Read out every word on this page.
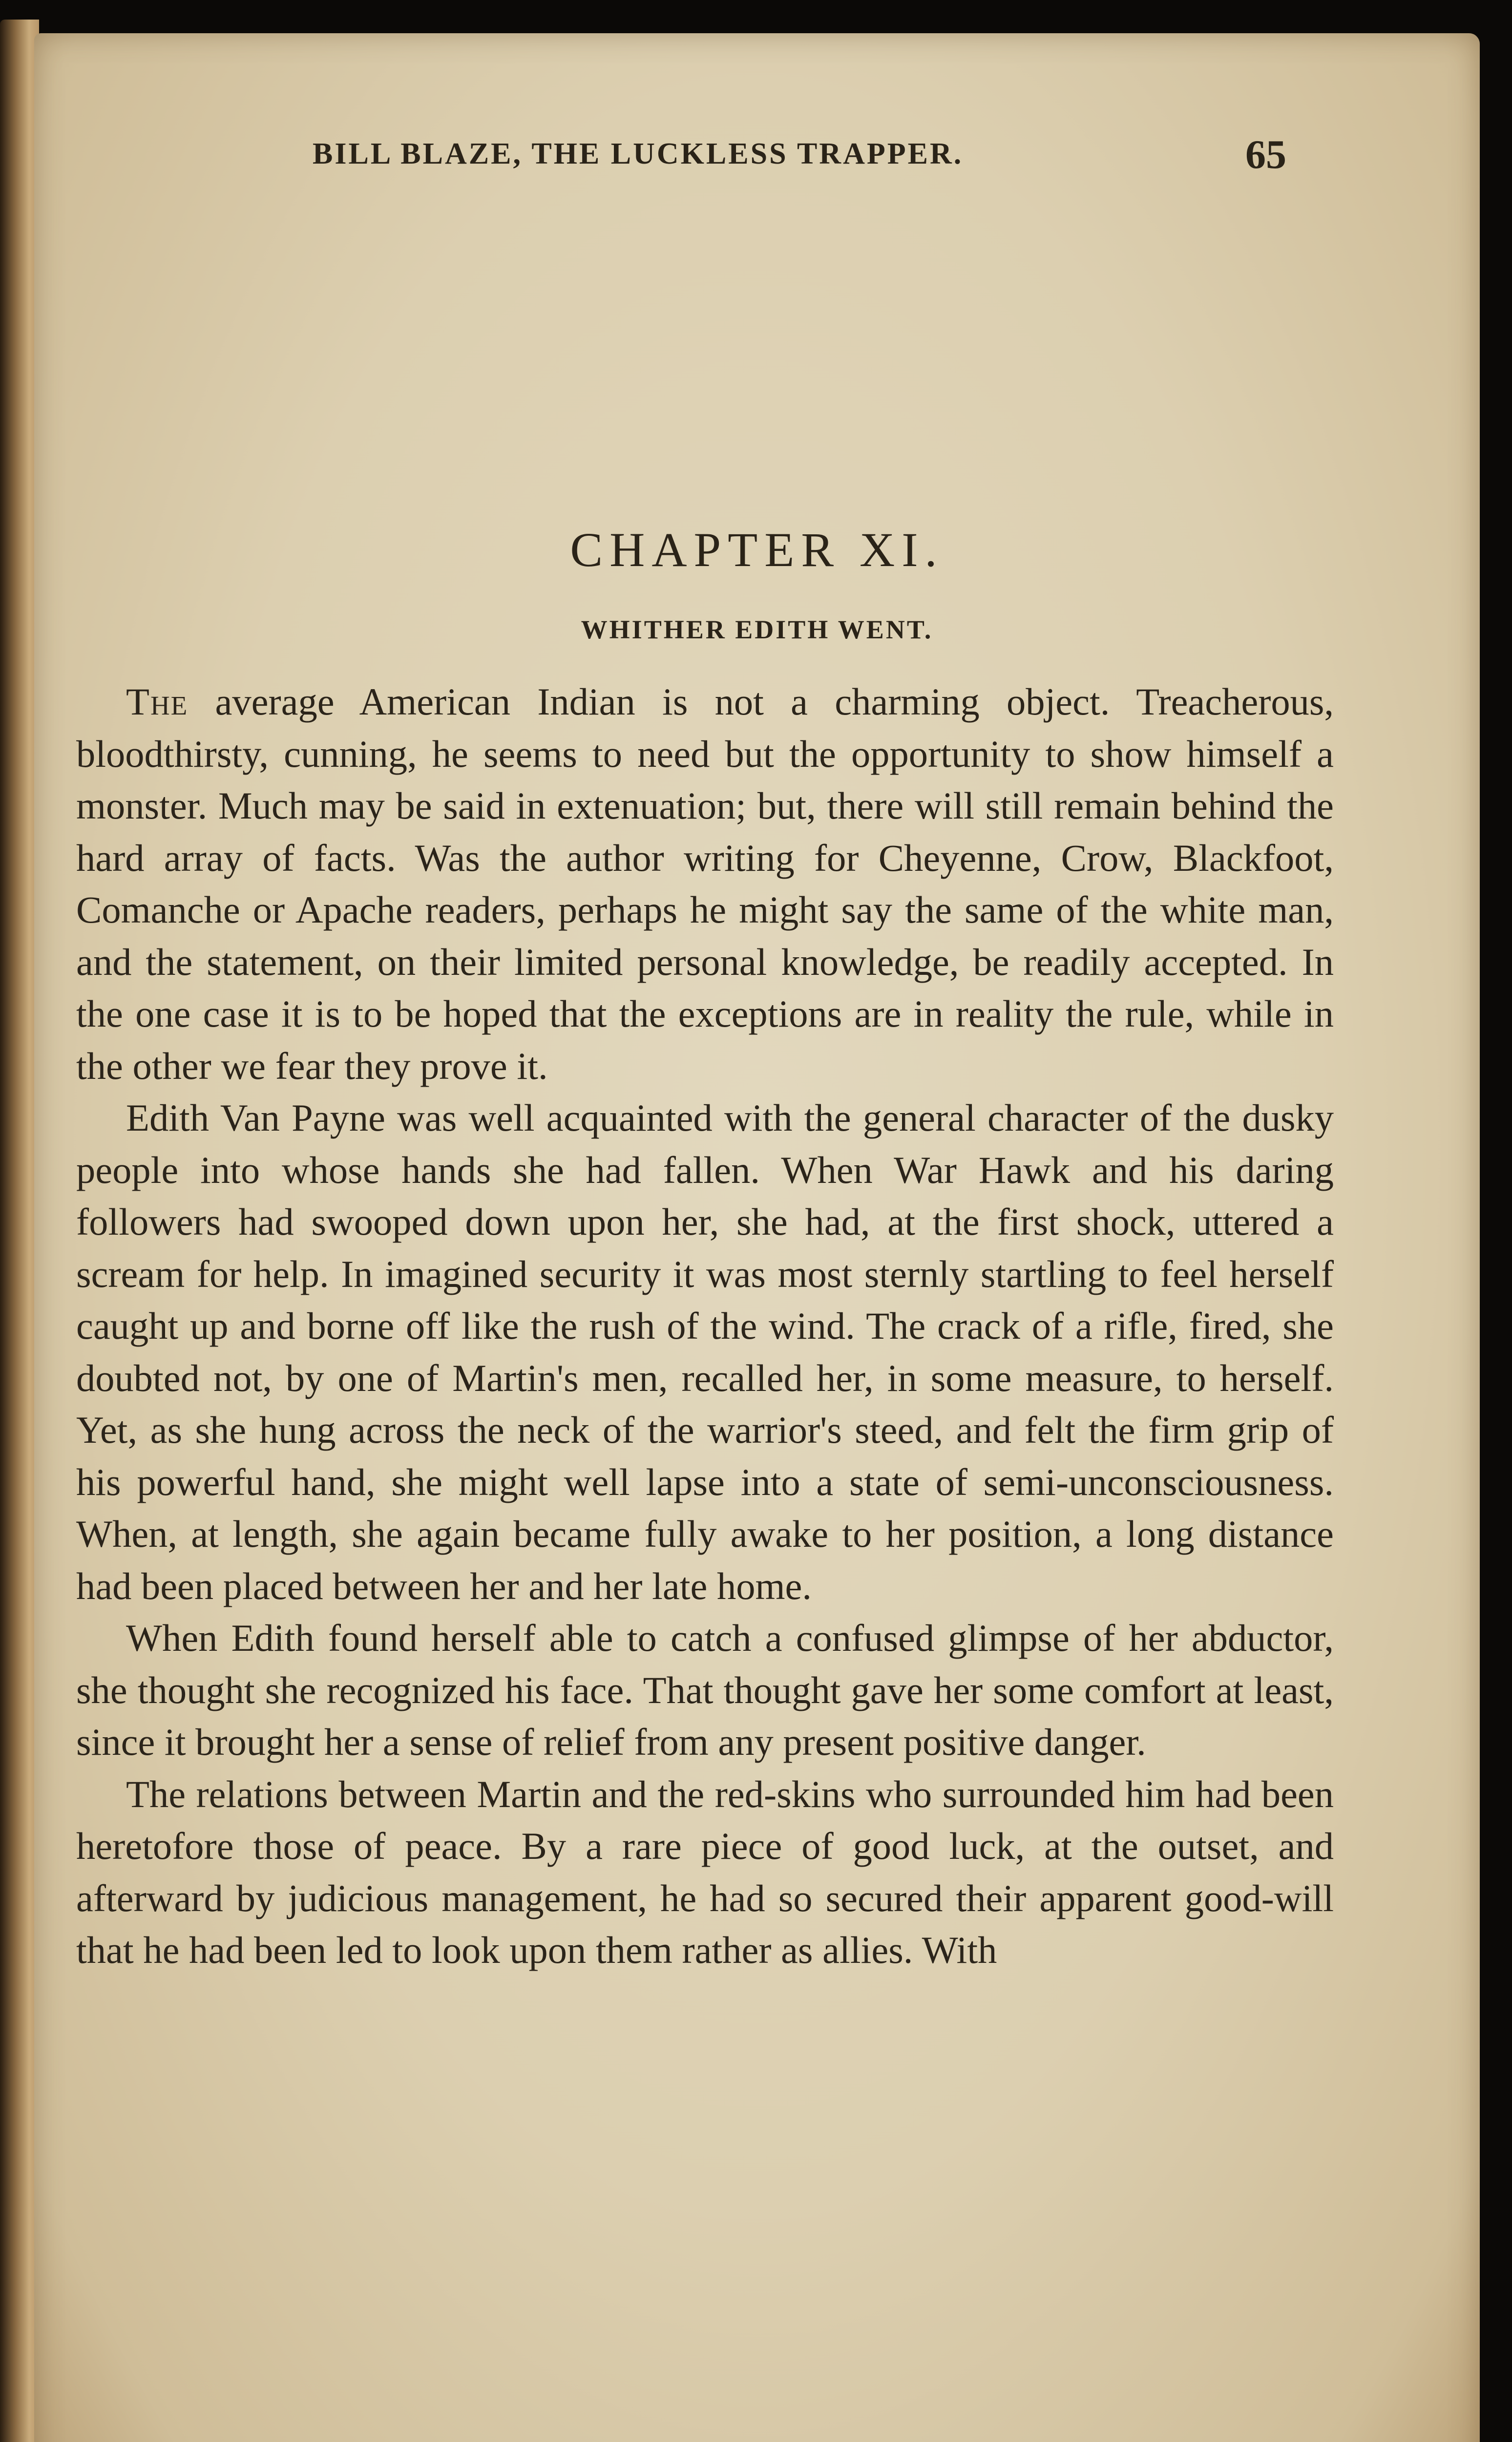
BILL BLAZE, THE LUCKLESS TRAPPER.	65
CHAPTER XI.
WHITHER EDITH WENT.

The average American Indian is not a charming object. Treacherous, bloodthirsty, cunning, he seems to need but the opportunity to show himself a monster. Much may be said in extenuation; but, there will still remain behind the hard array of facts. Was the author writing for Cheyenne, Crow, Blackfoot, Comanche or Apache readers, perhaps he might say the same of the white man, and the statement, on their limited personal knowledge, be readily accepted. In the one case it is to be hoped that the exceptions are in reality the rule, while in the other we fear they prove it.

Edith Van Payne was well acquainted with the general character of the dusky people into whose hands she had fallen. When War Hawk and his daring followers had swooped down upon her, she had, at the first shock, uttered a scream for help. In imagined security it was most sternly startling to feel herself caught up and borne off like the rush of the wind. The crack of a rifle, fired, she doubted not, by one of Martin's men, recalled her, in some measure, to herself. Yet, as she hung across the neck of the warrior's steed, and felt the firm grip of his powerful hand, she might well lapse into a state of semi-unconsciousness. When, at length, she again became fully awake to her position, a long distance had been placed between her and her late home.

When Edith found herself able to catch a confused glimpse of her abductor, she thought she recognized his face. That thought gave her some comfort at least, since it brought her a sense of relief from any present positive danger.

The relations between Martin and the red-skins who surrounded him had been heretofore those of peace. By a rare piece of good luck, at the outset, and afterward by judicious management, he had so secured their apparent good-will that he had been led to look upon them rather as allies. With
